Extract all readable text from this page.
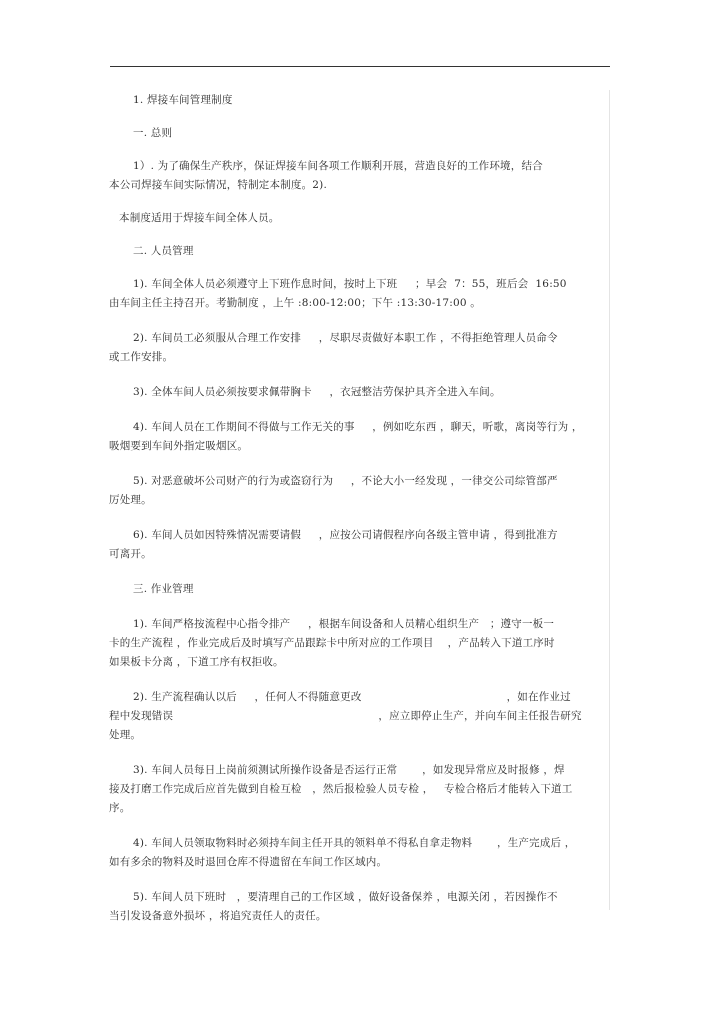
1. 焊接车间管理制度
一. 总则
1）. 为了确保生产秩序，保证焊接车间各项工作顺利开展，营造良好的工作环境，结合
本公司焊接车间实际情况，特制定本制度。2).
本制度适用于焊接车间全体人员。
二. 人员管理
1). 车间全体人员必须遵守上下班作息时间，按时上下班     ；早会  7：55，班后会  16:50
由车间主任主持召开。考勤制度 ，上午 :8:00-12:00；下午 :13:30-17:00 。
2). 车间员工必须服从合理工作安排     ，尽职尽责做好本职工作 ，不得拒绝管理人员命令
或工作安排。
3). 全体车间人员必须按要求佩带胸卡     ，衣冠整洁劳保护具齐全进入车间。
4). 车间人员在工作期间不得做与工作无关的事     ，例如吃东西 ，聊天，听歌，离岗等行为 ，
吸烟要到车间外指定吸烟区。
5). 对恶意破坏公司财产的行为或盗窃行为     ，不论大小一经发现 ，一律交公司综管部严
厉处理。
6). 车间人员如因特殊情况需要请假     ，应按公司请假程序向各级主管申请 ，得到批准方
可离开。
三. 作业管理
1). 车间严格按流程中心指令排产     ，根据车间设备和人员精心组织生产   ；遵守一板一
卡的生产流程 ，作业完成后及时填写产品跟踪卡中所对应的工作项目    ，产品转入下道工序时
如果板卡分离 ，下道工序有权拒收。
2). 生产流程确认以后     ，任何人不得随意更改                                         ，如在作业过
程中发现错误                                                          ，应立即停止生产，并向车间主任报告研究
处理。
3). 车间人员每日上岗前须测试所操作设备是否运行正常       ，如发现异常应及时报修 ，焊
接及打磨工作完成后应首先做到自检互检   ，然后报检验人员专检 ，   专检合格后才能转入下道工
序。
4). 车间人员领取物料时必须持车间主任开具的领料单不得私自拿走物料       ，生产完成后 ，
如有多余的物料及时退回仓库不得遗留在车间工作区域内。
5). 车间人员下班时   ，要清理自己的工作区域 ，做好设备保养 ，电源关闭 ，若因操作不
当引发设备意外损坏 ，将追究责任人的责任。
